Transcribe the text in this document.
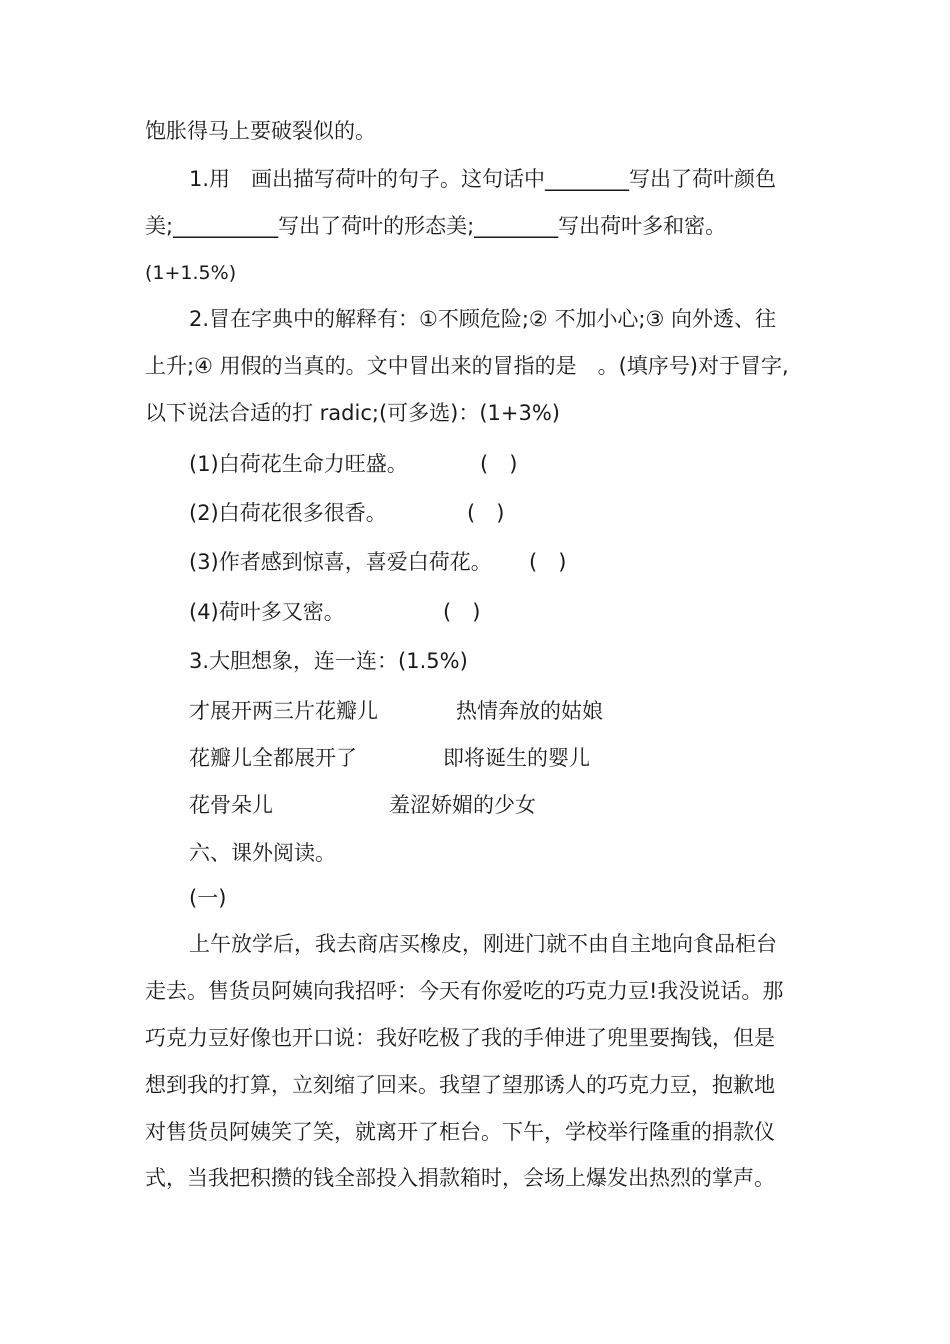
饱胀得马上要破裂似的。
1.用　画出描写荷叶的句子。这句话中________写出了荷叶颜色
美;__________写出了荷叶的形态美;________写出荷叶多和密。
(1+1.5%)
2.冒在字典中的解释有：①不顾危险;② 不加小心;③ 向外透、往
上升;④ 用假的当真的。文中冒出来的冒指的是　。(填序号)对于冒字,
以下说法合适的打 radic;(可多选)：(1+3%)
(1)白荷花生命力旺盛。	(　)
(2)白荷花很多很香。	(　)
(3)作者感到惊喜，喜爱白荷花。 (　)
(4)荷叶多又密。	(　)
3.大胆想象，连一连：(1.5%)
才展开两三片花瓣儿	热情奔放的姑娘
花瓣儿全都展开了	即将诞生的婴儿
花骨朵儿	羞涩娇媚的少女
六、课外阅读。
(一)
上午放学后，我去商店买橡皮，刚进门就不由自主地向食品柜台
走去。售货员阿姨向我招呼：今天有你爱吃的巧克力豆!我没说话。那
巧克力豆好像也开口说：我好吃极了我的手伸进了兜里要掏钱，但是
想到我的打算，立刻缩了回来。我望了望那诱人的巧克力豆，抱歉地
对售货员阿姨笑了笑，就离开了柜台。下午，学校举行隆重的捐款仪
式，当我把积攒的钱全部投入捐款箱时，会场上爆发出热烈的掌声。
